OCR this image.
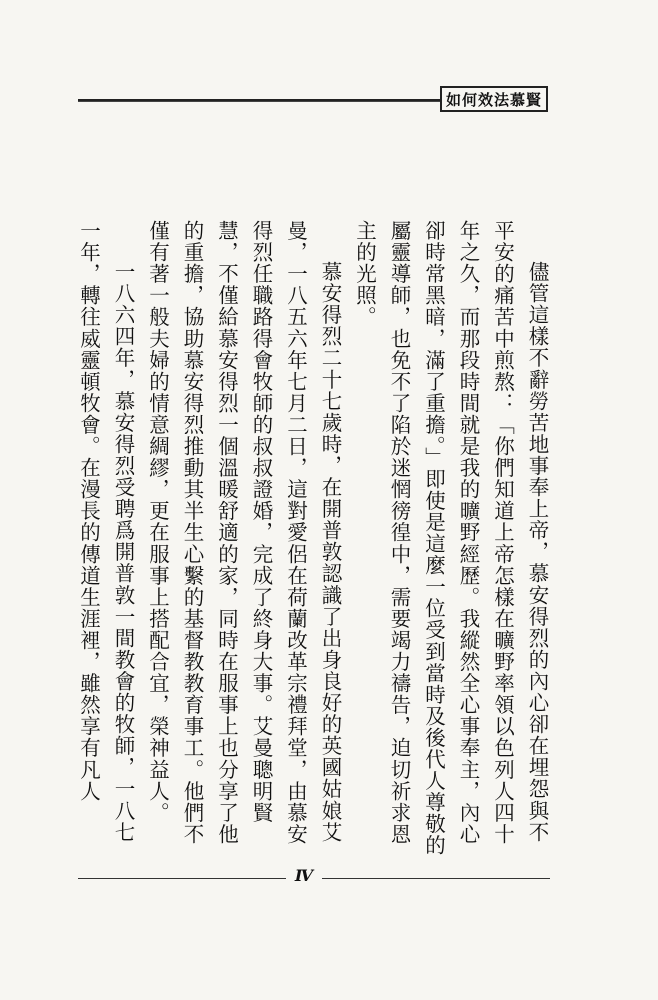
如何效法慕賢

儘管這樣不辭勞苦地事奉上帝，慕安得烈的內心卻在埋怨與不平安的痛苦中煎熬：「你們知道上帝怎樣在曠野率領以色列人四十年之久，而那段時間就是我的曠野經歷。我縱然全心事奉主，內心卻時常黑暗，滿了重擔。」即使是這麼一位受到當時及後代人尊敬的屬靈導師，也免不了陷於迷惘徬徨中，需要竭力禱告，迫切祈求恩主的光照。

慕安得烈二十七歲時，在開普敦認識了出身良好的英國姑娘艾曼，一八五六年七月二日，這對愛侶在荷蘭改革宗禮拜堂，由慕安得烈任職路得會牧師的叔叔證婚，完成了終身大事。艾曼聰明賢慧，不僅給慕安得烈一個溫暖舒適的家，同時在服事上也分享了他的重擔，協助慕安得烈推動其半生心繫的基督教教育事工。他們不僅有著一般夫婦的情意綢繆，更在服事上搭配合宜，榮神益人。

一八六四年，慕安得烈受聘爲開普敦一間教會的牧師，一八七一年，轉往威靈頓牧會。在漫長的傳道生涯裡，雖然享有凡人

Ⅳ
